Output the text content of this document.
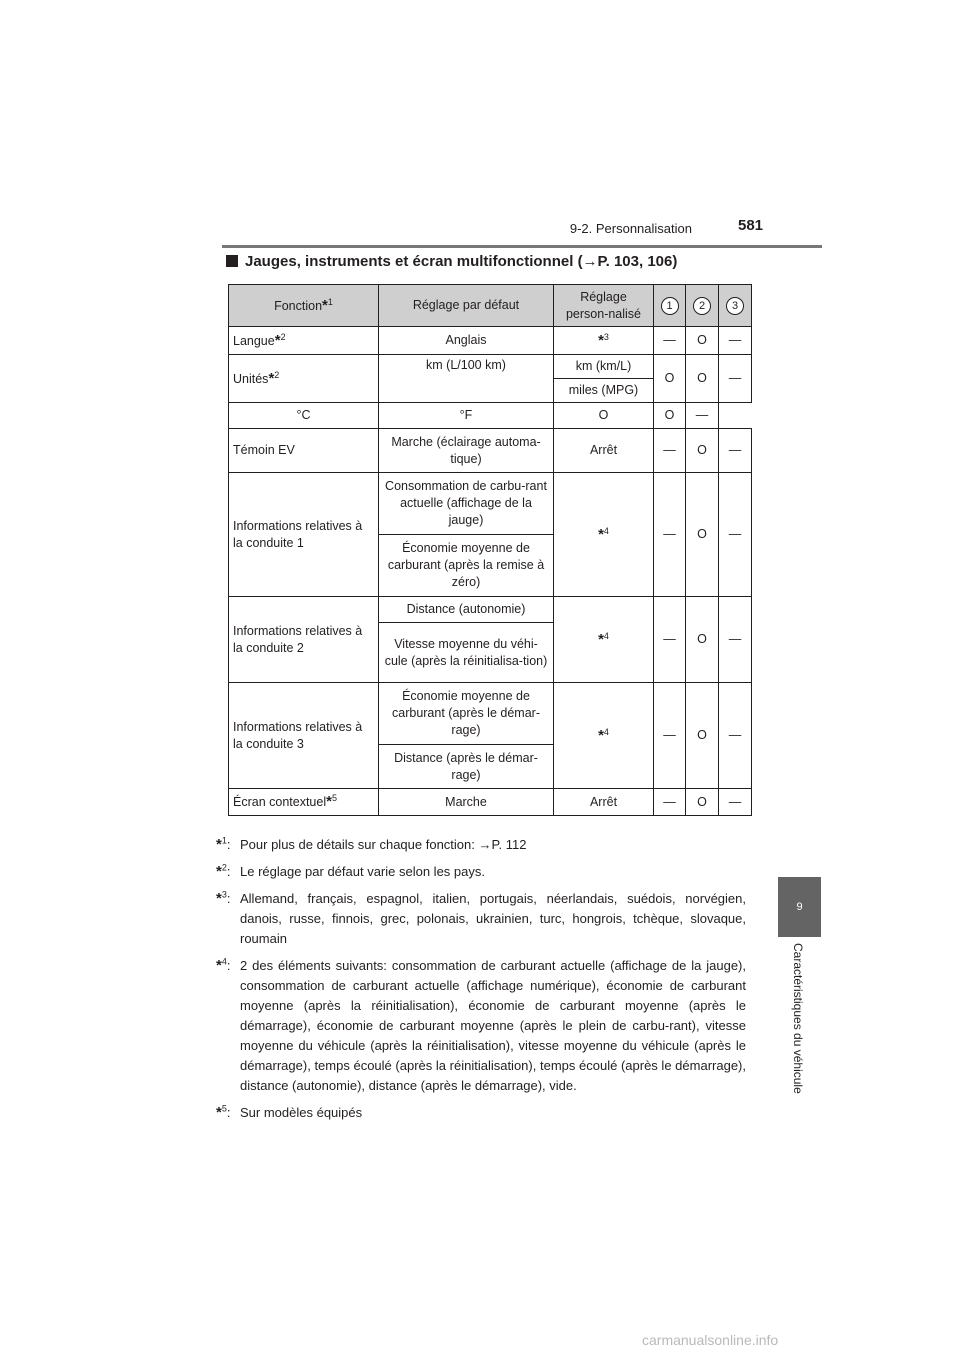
9-2. Personnalisation	581
9
Caractéristiques du véhicule
Jauges, instruments et écran multifonctionnel (→P. 103, 106)
Fonction*$^1$	Réglage par défaut	Réglage person-nalisé	1	2	3
Langue*$^2$	Anglais	*$^3$	—	O	—
Unités*$^2$	km (L/100 km)	km (km/L)	O	O	—
		miles (MPG)			
°C	°F	O	O	—	
Témoin EV	Marche (éclairage automa-tique)	Arrêt	—	O	—
Informations relatives à la conduite 1	Consommation de carbu-rant actuelle (affichage de la jauge)	*$^4$	—	O	—
	Économie moyenne de carburant (après la remise à zéro)				
Informations relatives à la conduite 2	Distance (autonomie)	*$^4$	—	O	—
	Vitesse moyenne du véhi-cule (après la réinitialisa-tion)				
Informations relatives à la conduite 3	Économie moyenne de carburant (après le démar-rage)	*$^4$	—	O	—
	Distance (après le démar-rage)				
Écran contextuel*$^5$	Marche	Arrêt	—	O	—
*$^1$: Pour plus de détails sur chaque fonction: →P. 112
*$^2$: Le réglage par défaut varie selon les pays.
*$^3$: Allemand, français, espagnol, italien, portugais, néerlandais, suédois, norvégien, danois, russe, finnois, grec, polonais, ukrainien, turc, hongrois, tchèque, slovaque, roumain
*$^4$: 2 des éléments suivants: consommation de carburant actuelle (affichage de la jauge), consommation de carburant actuelle (affichage numérique), économie de carburant moyenne (après la réinitialisation), économie de carburant moyenne (après le démarrage), économie de carburant moyenne (après le plein de carbu-rant), vitesse moyenne du véhicule (après la réinitialisation), vitesse moyenne du véhicule (après le démarrage), temps écoulé (après la réinitialisation), temps écoulé (après le démarrage), distance (autonomie), distance (après le démarrage), vide.
*$^5$: Sur modèles équipés
carmanualsonline.info
